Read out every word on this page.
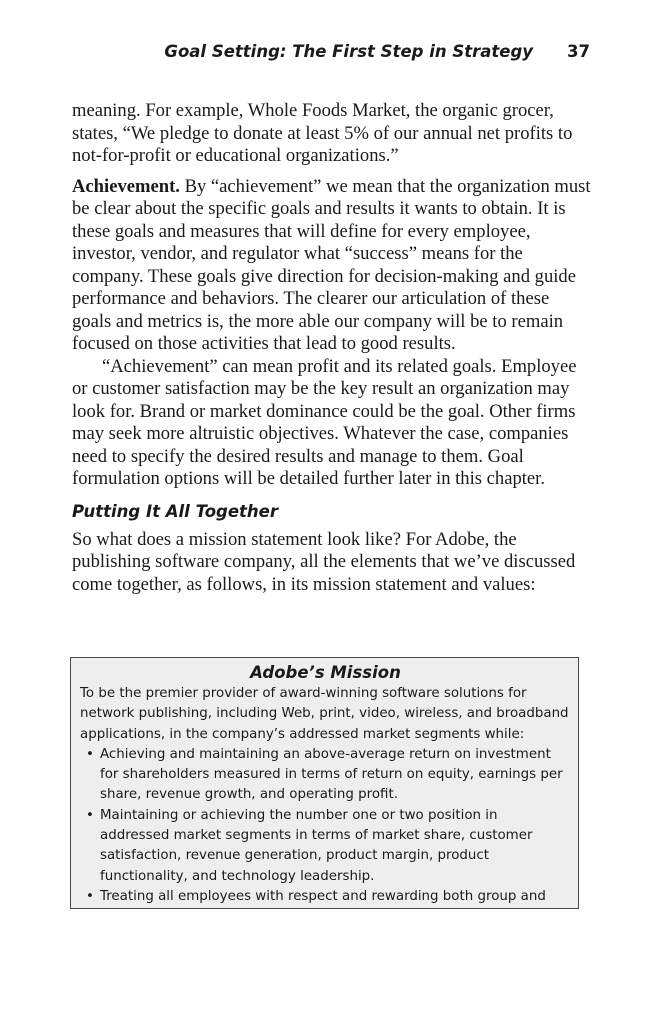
Goal Setting: The First Step in Strategy 37

meaning. For example, Whole Foods Market, the organic grocer, states, “We pledge to donate at least 5% of our annual net profits to not-for-profit or educational organizations.”

Achievement. By “achievement” we mean that the organization must be clear about the specific goals and results it wants to obtain. It is these goals and measures that will define for every employee, investor, vendor, and regulator what “success” means for the company. These goals give direction for decision-making and guide performance and behaviors. The clearer our articulation of these goals and metrics is, the more able our company will be to remain focused on those activities that lead to good results.

“Achievement” can mean profit and its related goals. Employee or customer satisfaction may be the key result an organization may look for. Brand or market dominance could be the goal. Other firms may seek more altruistic objectives. Whatever the case, companies need to specify the desired results and manage to them. Goal formulation options will be detailed further later in this chapter.

Putting It All Together

So what does a mission statement look like? For Adobe, the publishing software company, all the elements that we’ve discussed come together, as follows, in its mission statement and values:

Adobe’s Mission
To be the premier provider of award-winning software solutions for network publishing, including Web, print, video, wireless, and broadband applications, in the company’s addressed market segments while:
• Achieving and maintaining an above-average return on investment for shareholders measured in terms of return on equity, earnings per share, revenue growth, and operating profit.
• Maintaining or achieving the number one or two position in addressed market segments in terms of market share, customer satisfaction, revenue generation, product margin, product functionality, and technology leadership.
• Treating all employees with respect and rewarding both group and
